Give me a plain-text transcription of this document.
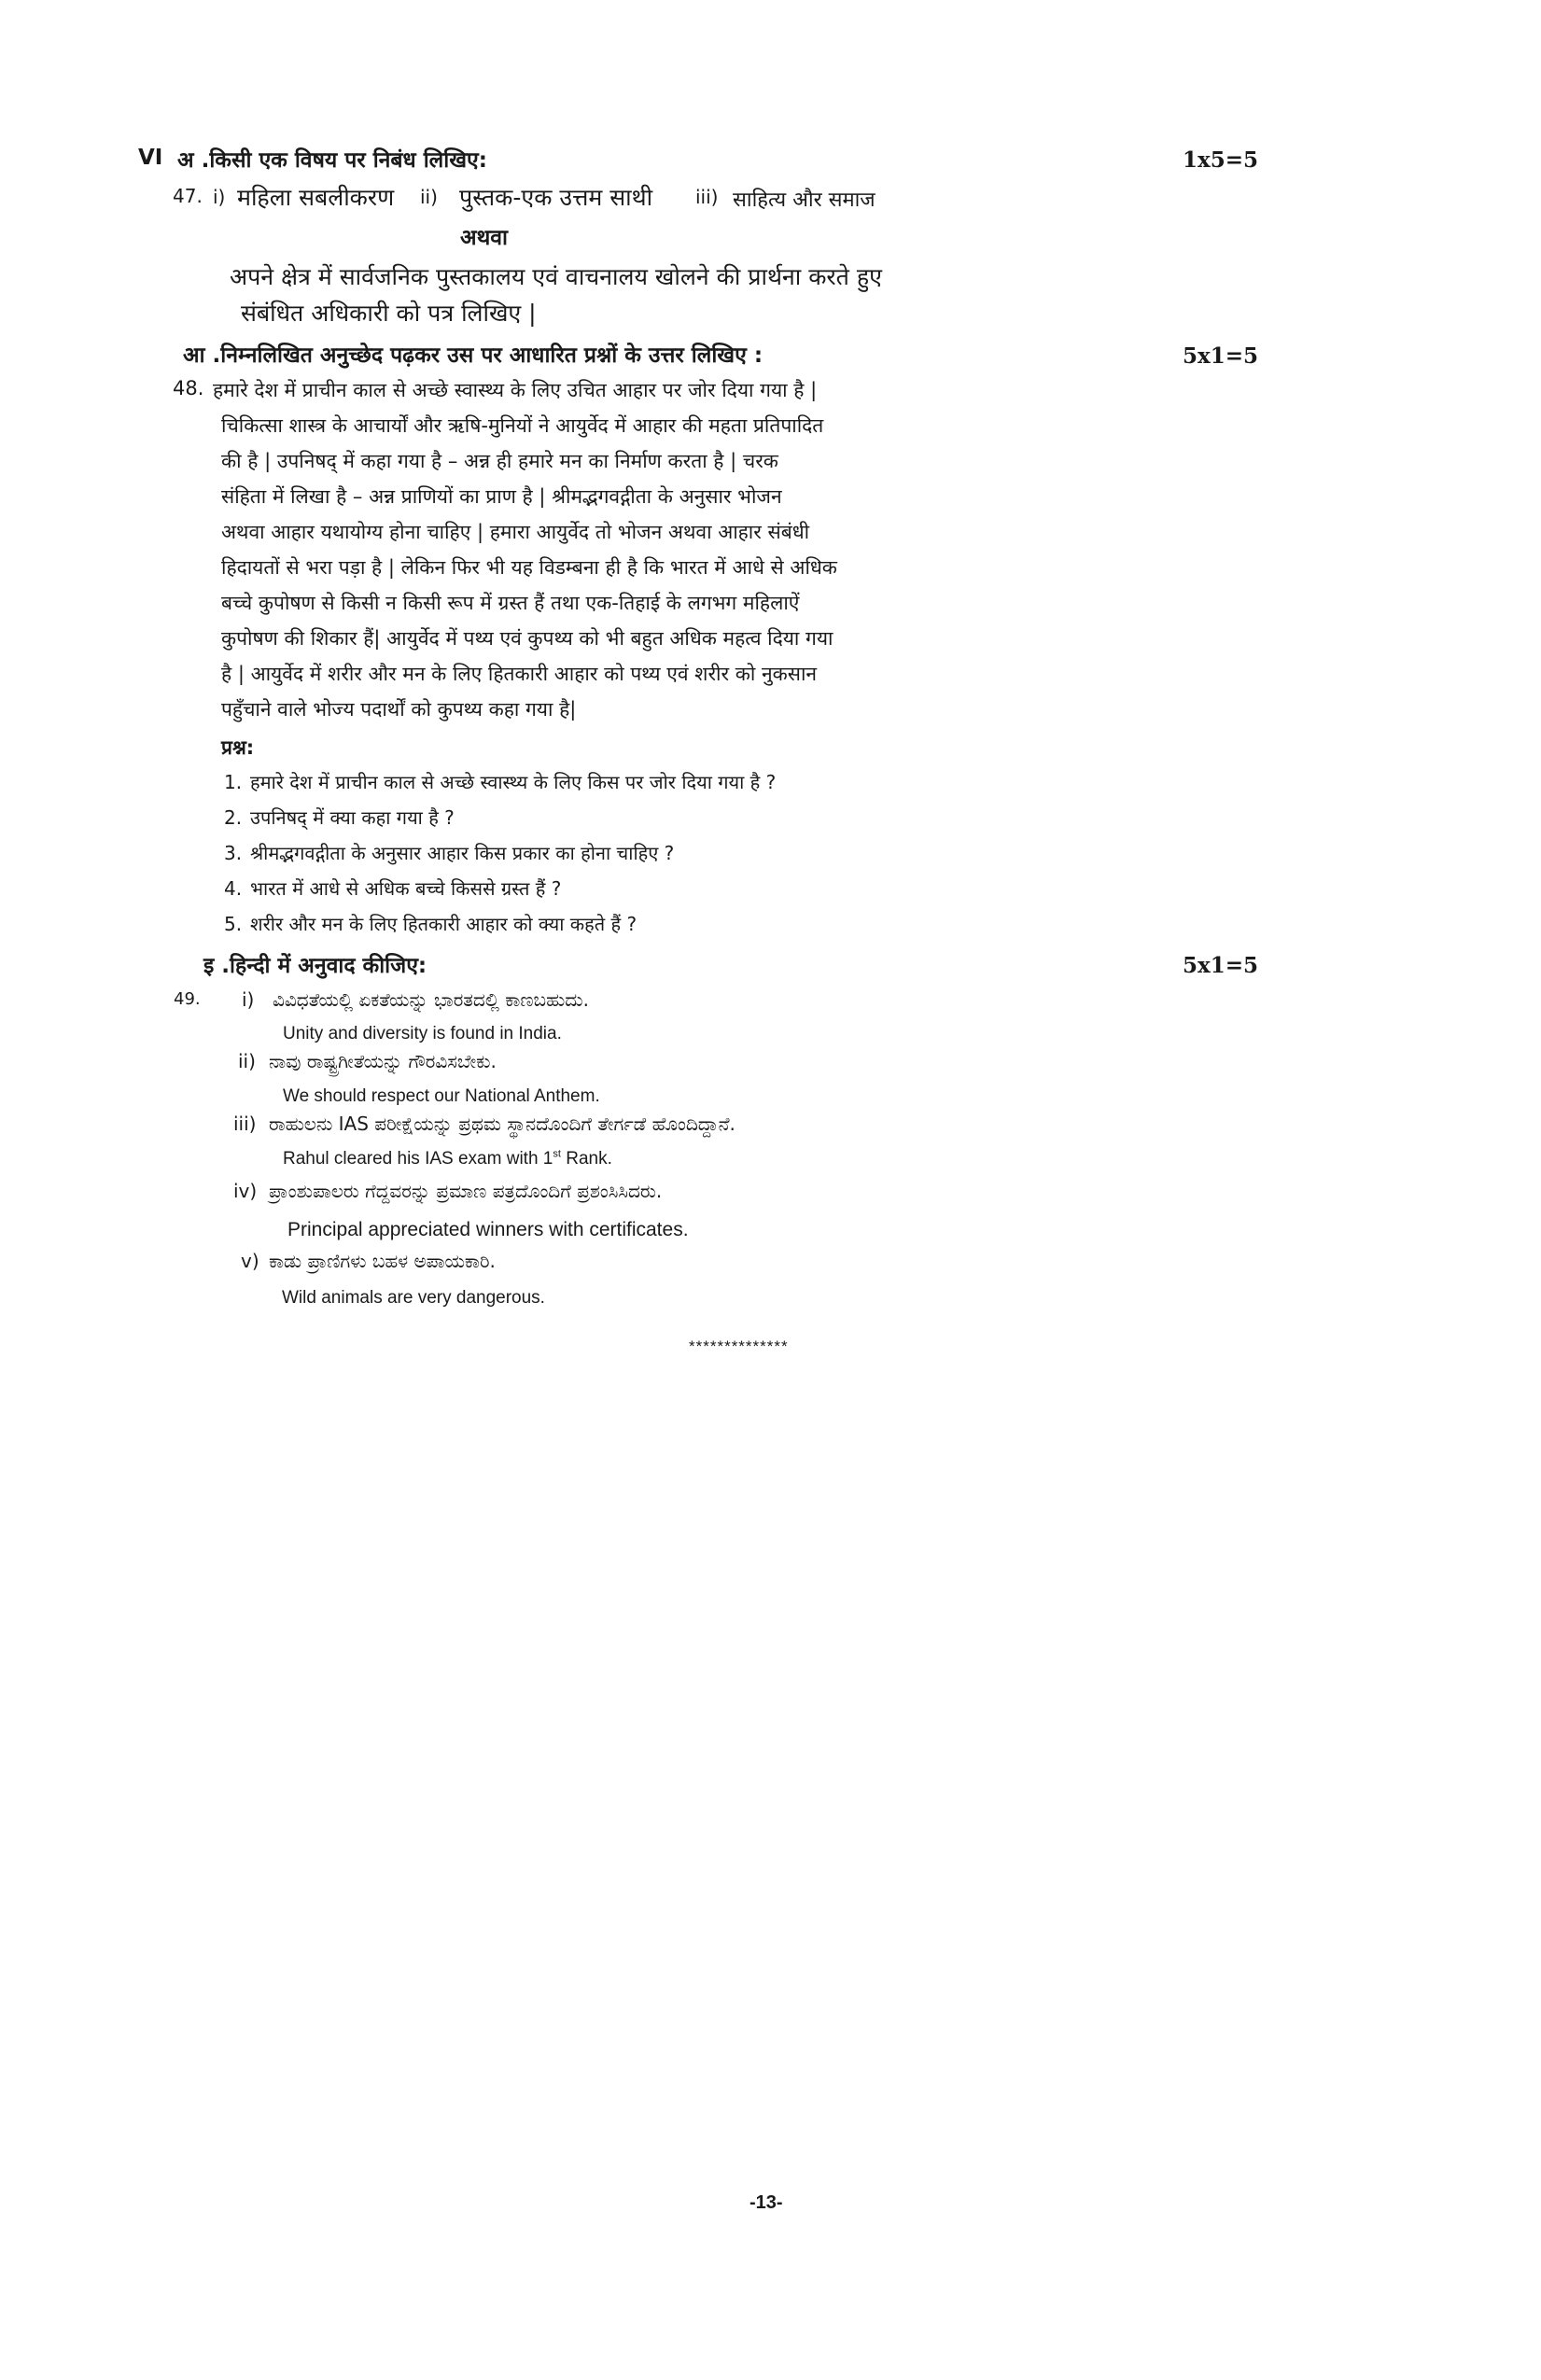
VI अ .किसी एक विषय पर निबंध लिखिए:	1x5=5
47. i) महिला सबलीकरण ii) पुस्तक-एक उत्तम साथी iii) साहित्य और समाज
अथवा
अपने क्षेत्र में सार्वजनिक पुस्तकालय एवं वाचनालय खोलने की प्रार्थना करते हुए
संबंधित अधिकारी को पत्र लिखिए |
आ .निम्नलिखित अनुच्छेद पढ़कर उस पर आधारित प्रश्नों के उत्तर लिखिए :	5x1=5
48. हमारे देश में प्राचीन काल से अच्छे स्वास्थ्य के लिए उचित आहार पर जोर दिया गया है |
चिकित्सा शास्त्र के आचार्यों और ऋषि-मुनियों ने आयुर्वेद में आहार की महता प्रतिपादित
की है | उपनिषद् में कहा गया है – अन्न ही हमारे मन का निर्माण करता है | चरक
संहिता में लिखा है – अन्न प्राणियों का प्राण है | श्रीमद्भगवद्गीता के अनुसार भोजन
अथवा आहार यथायोग्य होना चाहिए | हमारा आयुर्वेद तो भोजन अथवा आहार संबंधी
हिदायतों से भरा पड़ा है | लेकिन फिर भी यह विडम्बना ही है कि भारत में आधे से अधिक
बच्चे कुपोषण से किसी न किसी रूप में ग्रस्त हैं तथा एक-तिहाई के लगभग महिलाऐं
कुपोषण की शिकार हैं| आयुर्वेद में पथ्य एवं कुपथ्य को भी बहुत अधिक महत्व दिया गया
है | आयुर्वेद में शरीर और मन के लिए हितकारी आहार को पथ्य एवं शरीर को नुकसान
पहुँचाने वाले भोज्य पदार्थों को कुपथ्य कहा गया है|
प्रश्न:
1. हमारे देश में प्राचीन काल से अच्छे स्वास्थ्य के लिए किस पर जोर दिया गया है ?
2. उपनिषद् में क्या कहा गया है ?
3. श्रीमद्भगवद्गीता के अनुसार आहार किस प्रकार का होना चाहिए ?
4. भारत में आधे से अधिक बच्चे किससे ग्रस्त हैं ?
5. शरीर और मन के लिए हितकारी आहार को क्या कहते हैं ?
इ .हिन्दी में अनुवाद कीजिए:	5x1=5
49. i) ವಿವಿಧತೆಯಲ್ಲಿ ಏಕತೆಯನ್ನು ಭಾರತದಲ್ಲಿ ಕಾಣಬಹುದು.
Unity and diversity is found in India.
ii) ನಾವು ರಾಷ್ಟ್ರಗೀತೆಯನ್ನು ಗೌರವಿಸಬೇಕು.
We should respect our National Anthem.
iii) ರಾಹುಲನು IAS ಪರೀಕ್ಷೆಯನ್ನು ಪ್ರಥಮ ಸ್ಥಾನದೊಂದಿಗೆ ತೇರ್ಗಡೆ ಹೊಂದಿದ್ದಾನೆ.
Rahul cleared his IAS exam with 1st Rank.
iv) ಪ್ರಾಂಶುಪಾಲರು ಗೆದ್ದವರನ್ನು ಪ್ರಮಾಣ ಪತ್ರದೊಂದಿಗೆ ಪ್ರಶಂಸಿಸಿದರು.
Principal appreciated winners with certificates.
v) ಕಾಡು ಪ್ರಾಣಿಗಳು ಬಹಳ ಅಪಾಯಕಾರಿ.
Wild animals are very dangerous.
**************
-13-
